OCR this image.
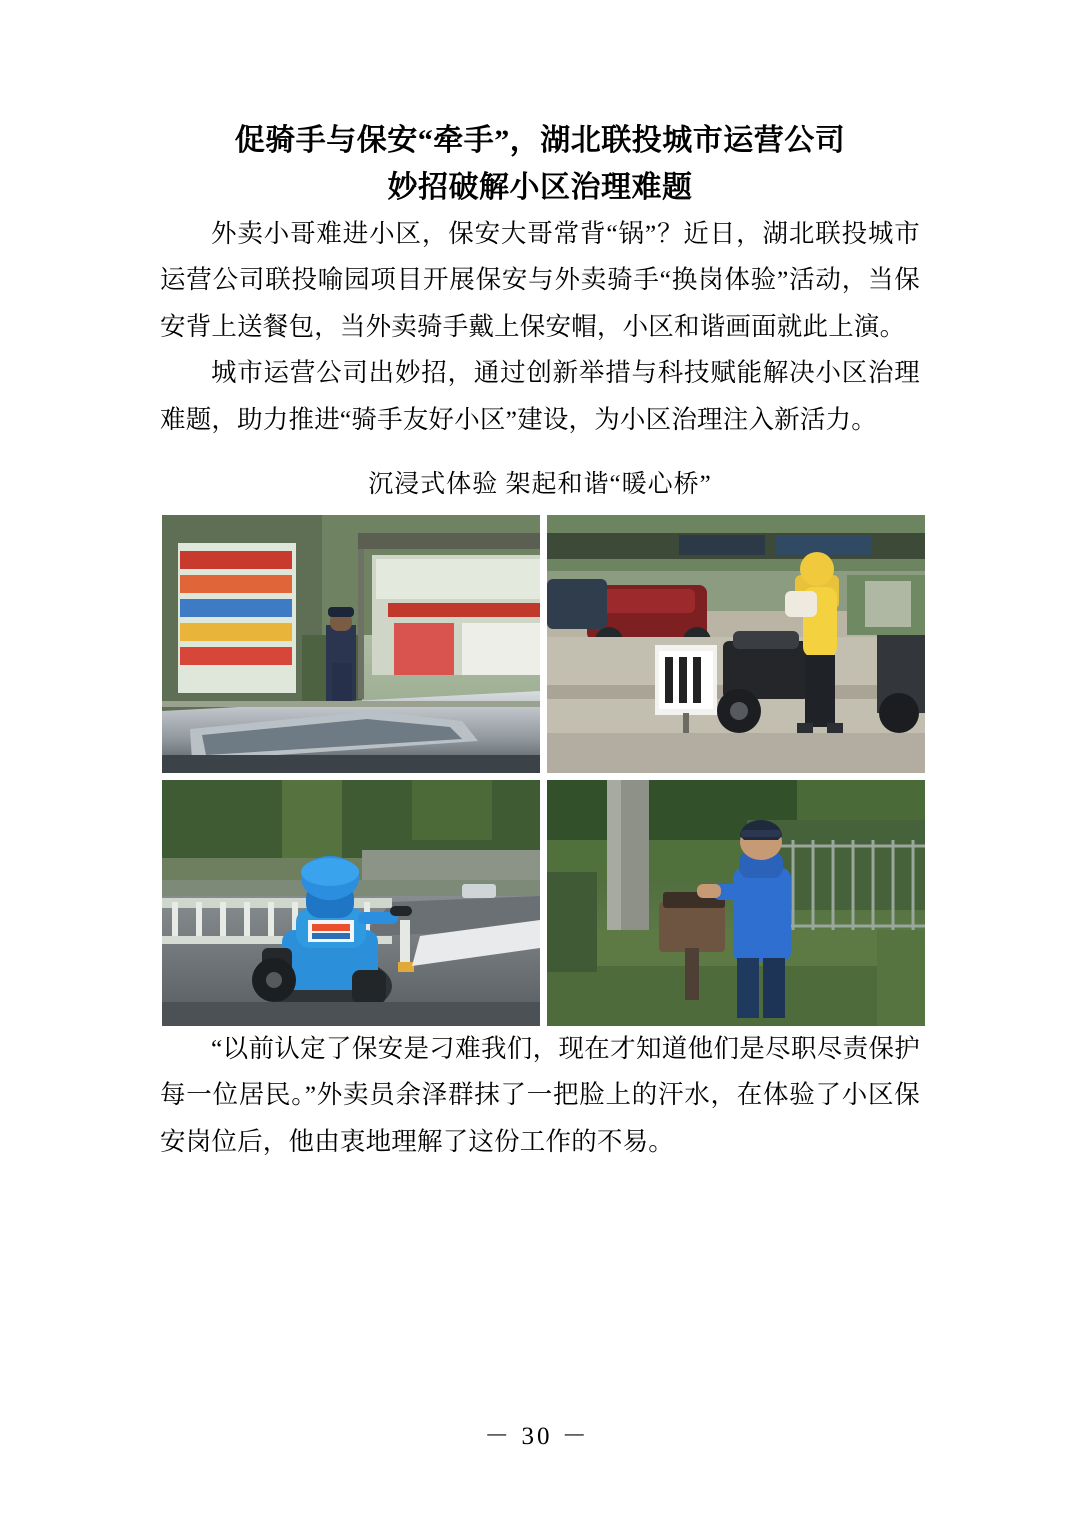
促骑手与保安“牵手”，湖北联投城市运营公司
妙招破解小区治理难题

外卖小哥难进小区，保安大哥常背“锅”？近日，湖北联投城市运营公司联投喻园项目开展保安与外卖骑手“换岗体验”活动，当保安背上送餐包，当外卖骑手戴上保安帽，小区和谐画面就此上演。

城市运营公司出妙招，通过创新举措与科技赋能解决小区治理难题，助力推进“骑手友好小区”建设，为小区治理注入新活力。

沉浸式体验 架起和谐“暖心桥”

“以前认定了保安是刁难我们，现在才知道他们是尽职尽责保护每一位居民。”外卖员余泽群抹了一把脸上的汗水，在体验了小区保安岗位后，他由衷地理解了这份工作的不易。

－ 30 －
